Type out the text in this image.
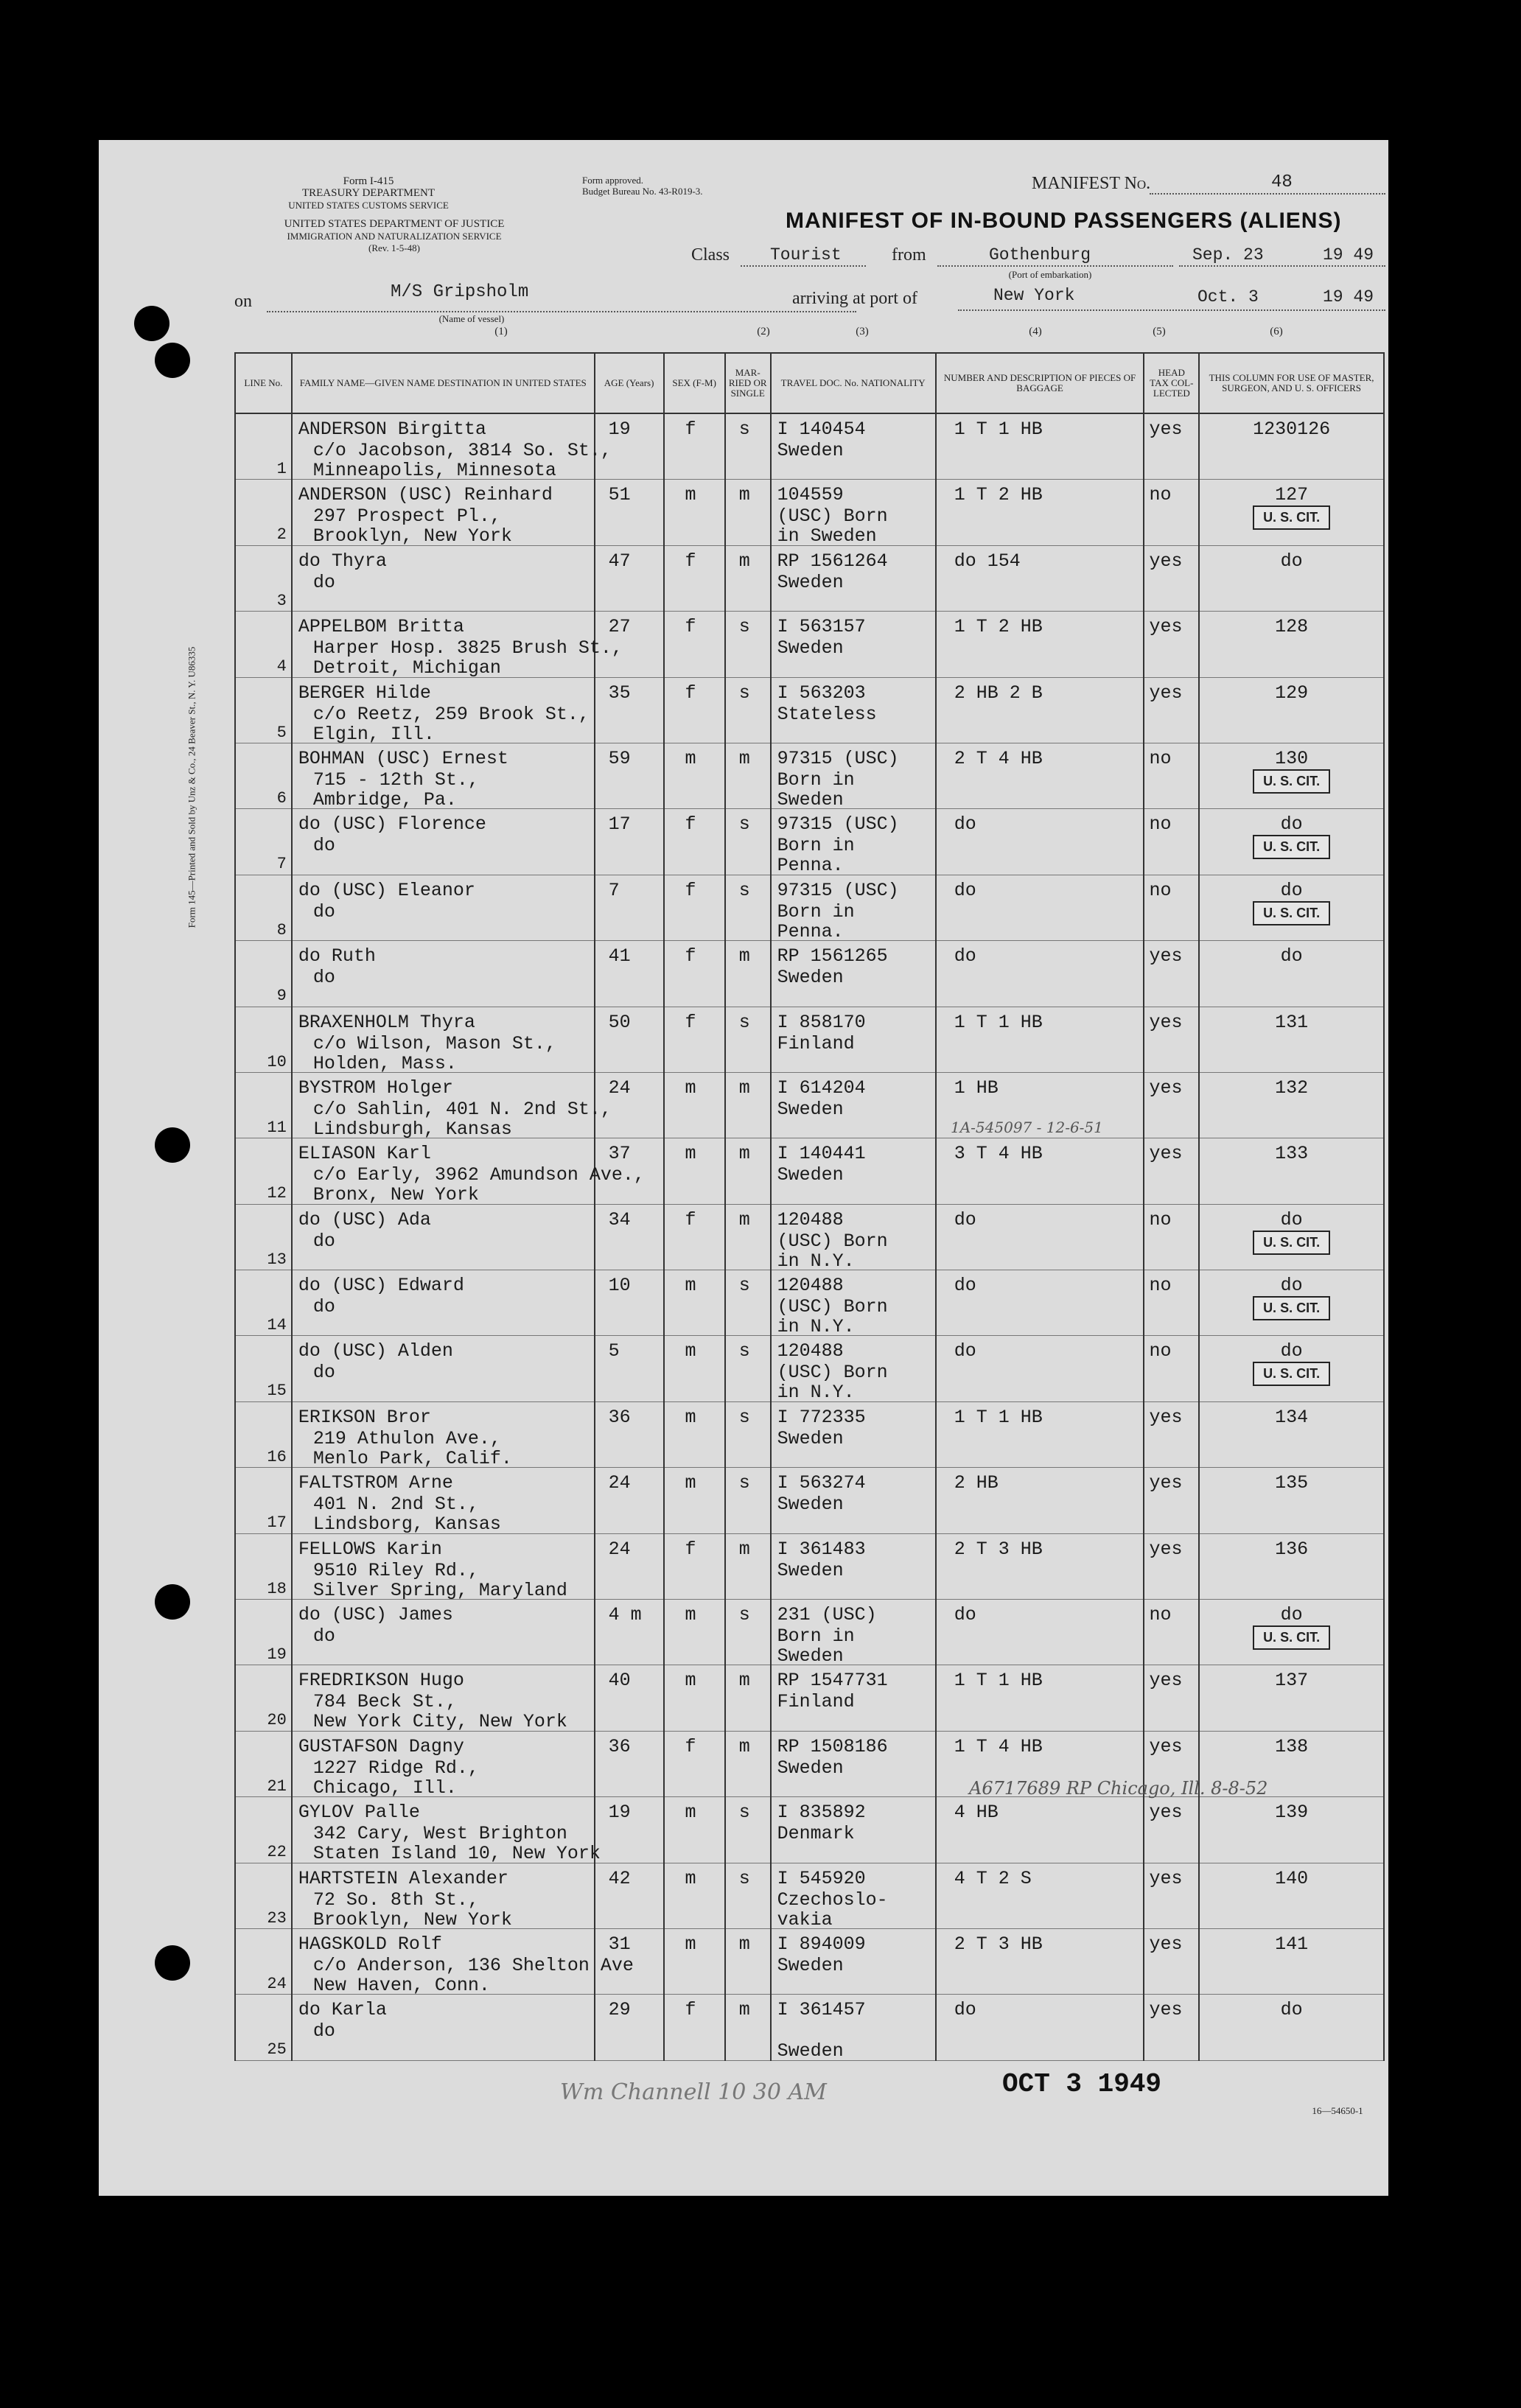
Form I-415
TREASURY DEPARTMENT
UNITED STATES CUSTOMS SERVICE
UNITED STATES DEPARTMENT OF JUSTICE
IMMIGRATION AND NATURALIZATION SERVICE
(Rev. 1-5-48)
Form approved.
Budget Bureau No. 43-R019-3.	MANIFEST No.	48
MANIFEST OF IN-BOUND PASSENGERS (ALIENS)
Class Tourist	from	Gothenburg
(Port of embarkation)
Sep. 23	19 49
on	M/S Gripsholm
(Name of vessel)
arriving at port of	New York	Oct. 3	19 49
(1)	(2)	(3)	(4)	(5)	(6)
Form 145—Printed and Sold by Unz & Co., 24 Beaver St., N. Y. U86335
LINE No.	FAMILY NAME—GIVEN NAME DESTINATION IN UNITED STATES	AGE (Years)	SEX (F-M)	MAR-RIED OR SINGLE	TRAVEL DOC. No. NATIONALITY	NUMBER AND DESCRIPTION OF PIECES OF BAGGAGE	HEAD TAX COL-LECTED	THIS COLUMN FOR USE OF MASTER, SURGEON, AND U. S. OFFICERS

1	ANDERSON Birgitta
c/o Jacobson, 3814 So. St.,
Minneapolis, Minnesota	19	f	s	I 140454
Sweden	1 T 1 HB	yes	1230126

2	ANDERSON (USC) Reinhard
297 Prospect Pl.,
Brooklyn, New York	51	m	m	104559
(USC) Born
in Sweden	1 T 2 HB	no	127
U. S. CIT.

3	do Thyra
do	47	f	m	RP 1561264
Sweden	do 154	yes	do

4	APPELBOM Britta
Harper Hosp. 3825 Brush St.,
Detroit, Michigan	27	f	s	I 563157
Sweden	1 T 2 HB	yes	128

5	BERGER Hilde
c/o Reetz, 259 Brook St.,
Elgin, Ill.	35	f	s	I 563203
Stateless	2 HB 2 B	yes	129

6	BOHMAN (USC) Ernest
715 - 12th St.,
Ambridge, Pa.	59	m	m	97315 (USC)
Born in
Sweden	2 T 4 HB	no	130
U. S. CIT.

7	do (USC) Florence
do	17	f	s	97315 (USC)
Born in
Penna.	do	no	do
U. S. CIT.

8	do (USC) Eleanor
do	7	f	s	97315 (USC)
Born in
Penna.	do	no	do
U. S. CIT.

9	do Ruth
do	41	f	m	RP 1561265
Sweden	do	yes	do

10	BRAXENHOLM Thyra
c/o Wilson, Mason St.,
Holden, Mass.	50	f	s	I 858170
Finland	1 T 1 HB	yes	131

11	BYSTROM Holger
c/o Sahlin, 401 N. 2nd St.,
Lindsburgh, Kansas	24	m	m	I 614204
Sweden	1 HB	yes	132

12	ELIASON Karl
c/o Early, 3962 Amundson Ave.,
Bronx, New York	37	m	m	I 140441
Sweden	3 T 4 HB	yes	133

13	do (USC) Ada
do	34	f	m	120488
(USC) Born
in N.Y.	do	no	do
U. S. CIT.

14	do (USC) Edward
do	10	m	s	120488
(USC) Born
in N.Y.	do	no	do
U. S. CIT.

15	do (USC) Alden
do	5	m	s	120488
(USC) Born
in N.Y.	do	no	do
U. S. CIT.

16	ERIKSON Bror
219 Athulon Ave.,
Menlo Park, Calif.	36	m	s	I 772335
Sweden	1 T 1 HB	yes	134

17	FALTSTROM Arne
401 N. 2nd St.,
Lindsborg, Kansas	24	m	s	I 563274
Sweden	2 HB	yes	135

18	FELLOWS Karin
9510 Riley Rd.,
Silver Spring, Maryland	24	f	m	I 361483
Sweden	2 T 3 HB	yes	136

19	do (USC) James
do	4 m	m	s	231 (USC)
Born in
Sweden	do	no	do
U. S. CIT.

20	FREDRIKSON Hugo
784 Beck St.,
New York City, New York	40	m	m	RP 1547731
Finland	1 T 1 HB	yes	137

21	GUSTAFSON Dagny
1227 Ridge Rd.,
Chicago, Ill.	36	f	m	RP 1508186
Sweden	1 T 4 HB	yes	138

22	GYLOV Palle
342 Cary, West Brighton
Staten Island 10, New York	19	m	s	I 835892
Denmark	4 HB	yes	139

23	HARTSTEIN Alexander
72 So. 8th St.,
Brooklyn, New York	42	m	s	I 545920
Czechoslo-
vakia	4 T 2 S	yes	140

24	HAGSKOLD Rolf
c/o Anderson, 136 Shelton Ave
New Haven, Conn.	31	m	m	I 894009
Sweden	2 T 3 HB	yes	141

25	do Karla
do	29	f	m	I 361457
Sweden	do	yes	do
1A-545097 - 12-6-51
A6717689 RP Chicago, Ill. 8-8-52
Wm Channell 10 30 AM	OCT 3 1949
16—54650-1
